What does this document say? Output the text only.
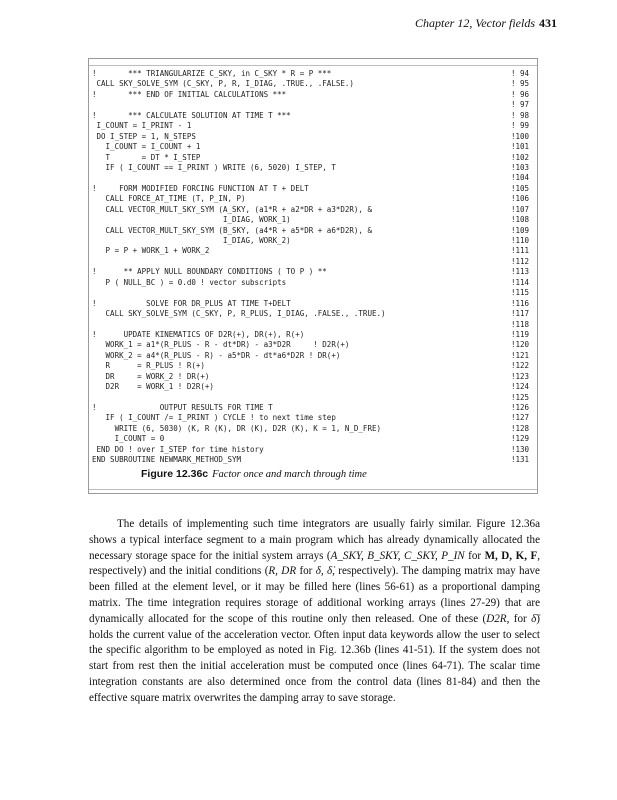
Chapter 12, Vector fields 431
!       *** TRIANGULARIZE C_SKY, in C_SKY * R = P ***	! 94
CALL SKY_SOLVE_SYM (C_SKY, P, R, I_DIAG, .TRUE., .FALSE.)	! 95
!       *** END OF INITIAL CALCULATIONS ***	! 96
! 97
!       *** CALCULATE SOLUTION AT TIME T ***	! 98
I_COUNT = I_PRINT - 1	! 99
DO I_STEP = 1, N_STEPS	!100
I_COUNT = I_COUNT + 1	!101
T       = DT * I_STEP	!102
IF ( I_COUNT == I_PRINT ) WRITE (6, 5020) I_STEP, T	!103
!104
!     FORM MODIFIED FORCING FUNCTION AT T + DELT	!105
CALL FORCE_AT_TIME (T, P_IN, P)	!106
CALL VECTOR_MULT_SKY_SYM (A_SKY, (a1*R + a2*DR + a3*D2R), &	!107
I_DIAG, WORK_1)	!108
CALL VECTOR_MULT_SKY_SYM (B_SKY, (a4*R + a5*DR + a6*D2R), &	!109
I_DIAG, WORK_2)	!110
P = P + WORK_1 + WORK_2	!111
!112
!      ** APPLY NULL BOUNDARY CONDITIONS ( TO P ) **	!113
P ( NULL_BC ) = 0.d0 ! vector subscripts	!114
!115
!           SOLVE FOR DR_PLUS AT TIME T+DELT	!116
CALL SKY_SOLVE_SYM (C_SKY, P, R_PLUS, I_DIAG, .FALSE., .TRUE.)	!117
!118
!      UPDATE KINEMATICS OF D2R(+), DR(+), R(+)	!119
WORK_1 = a1*(R_PLUS - R - dt*DR) - a3*D2R     ! D2R(+)	!120
WORK_2 = a4*(R_PLUS - R) - a5*DR - dt*a6*D2R ! DR(+)	!121
R      = R_PLUS ! R(+)	!122
DR     = WORK_2 ! DR(+)	!123
D2R    = WORK_1 ! D2R(+)	!124
!125
!              OUTPUT RESULTS FOR TIME T	!126
IF ( I_COUNT /= I_PRINT ) CYCLE ! to next time step	!127
WRITE (6, 5030) (K, R (K), DR (K), D2R (K), K = 1, N_D_FRE)	!128
I_COUNT = 0	!129
END DO ! over I_STEP for time history	!130
END SUBROUTINE NEWMARK_METHOD_SYM	!131
Figure 12.36c Factor once and march through time

The details of implementing such time integrators are usually fairly similar. Figure 12.36a shows a typical interface segment to a main program which has already dynamically allocated the necessary storage space for the initial system arrays (A_SKY, B_SKY, C_SKY, P_IN for M, D, K, F, respectively) and the initial conditions (R, DR for δ, δ̇, respectively). The damping matrix may have been filled at the element level, or it may be filled here (lines 56-61) as a proportional damping matrix. The time integration requires storage of additional working arrays (lines 27-29) that are dynamically allocated for the scope of this routine only then released. One of these (D2R, for δ̈) holds the current value of the acceleration vector. Often input data keywords allow the user to select the specific algorithm to be employed as noted in Fig. 12.36b (lines 41-51). If the system does not start from rest then the initial acceleration must be computed once (lines 64-71). The scalar time integration constants are also determined once from the control data (lines 81-84) and then the effective square matrix overwrites the damping array to save storage.
